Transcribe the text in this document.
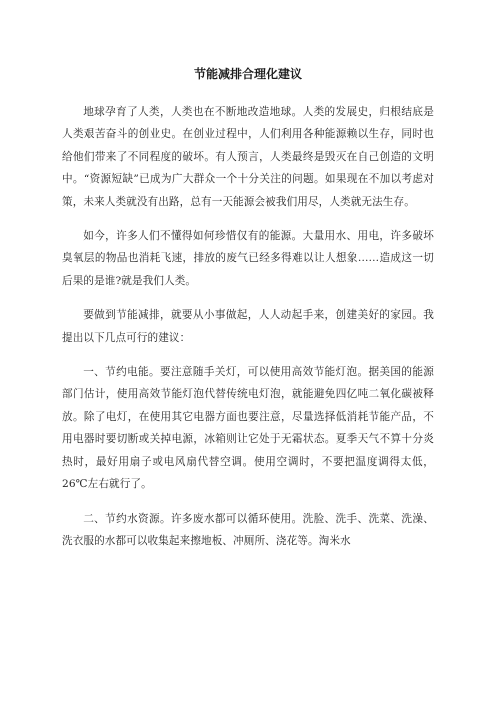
节能减排合理化建议

地球孕育了人类，人类也在不断地改造地球。人类的发展史，归根结底是人类艰苦奋斗的创业史。在创业过程中，人们利用各种能源赖以生存，同时也给他们带来了不同程度的破坏。有人预言，人类最终是毁灭在自己创造的文明中。“资源短缺”已成为广大群众一个十分关注的问题。如果现在不加以考虑对策，未来人类就没有出路，总有一天能源会被我们用尽，人类就无法生存。

如今，许多人们不懂得如何珍惜仅有的能源。大量用水、用电，许多破坏臭氧层的物品也消耗飞速，排放的废气已经多得难以让人想象……造成这一切后果的是谁?就是我们人类。

要做到节能减排，就要从小事做起，人人动起手来，创建美好的家园。我提出以下几点可行的建议：

一、节约电能。要注意随手关灯，可以使用高效节能灯泡。据美国的能源部门估计，使用高效节能灯泡代替传统电灯泡，就能避免四亿吨二氧化碳被释放。除了电灯，在使用其它电器方面也要注意，尽量选择低消耗节能产品，不用电器时要切断或关掉电源，冰箱则让它处于无霜状态。夏季天气不算十分炎热时，最好用扇子或电风扇代替空调。使用空调时，不要把温度调得太低，26℃左右就行了。

二、节约水资源。许多废水都可以循环使用。洗脸、洗手、洗菜、洗澡、洗衣服的水都可以收集起来擦地板、冲厕所、浇花等。淘米水
